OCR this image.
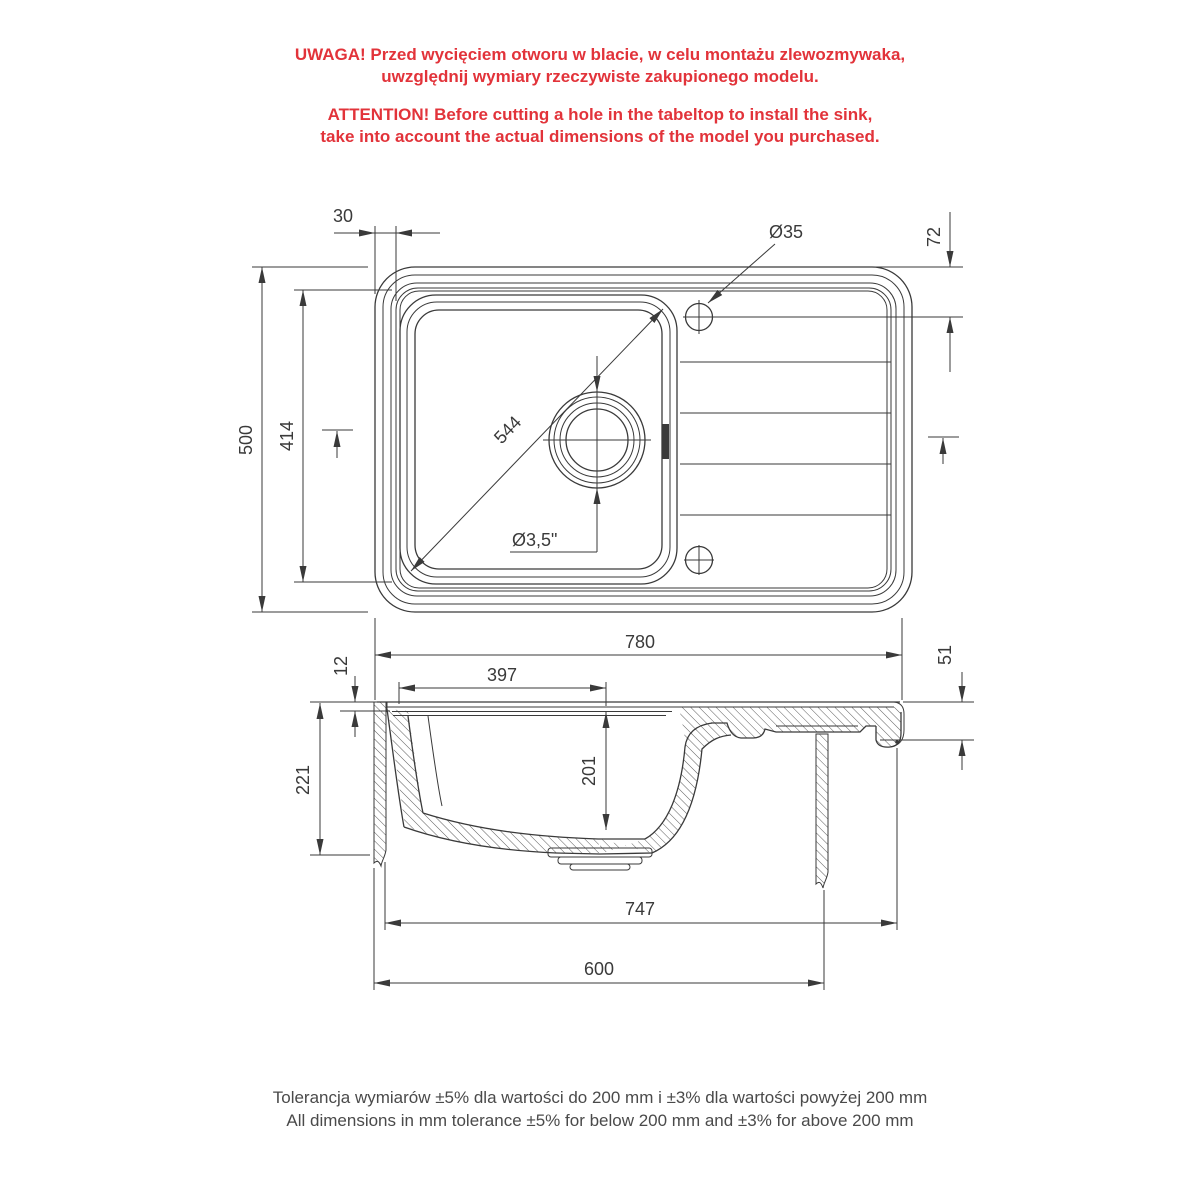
UWAGA! Przed wycięciem otworu w blacie, w celu montażu zlewozmywaka,
uwzględnij wymiary rzeczywiste zakupionego modelu.
ATTENTION! Before cutting a hole in the tabeltop to install the sink,
take into account the actual dimensions of the model you purchased.
30
72
500 414	544
Ø35
Ø3,5"
780
12	397
201
51
221
747
600
Tolerancja wymiarów ±5% dla wartości do 200 mm i ±3% dla wartości powyżej 200 mm
All dimensions in mm tolerance ±5% for below 200 mm and ±3% for above 200 mm
